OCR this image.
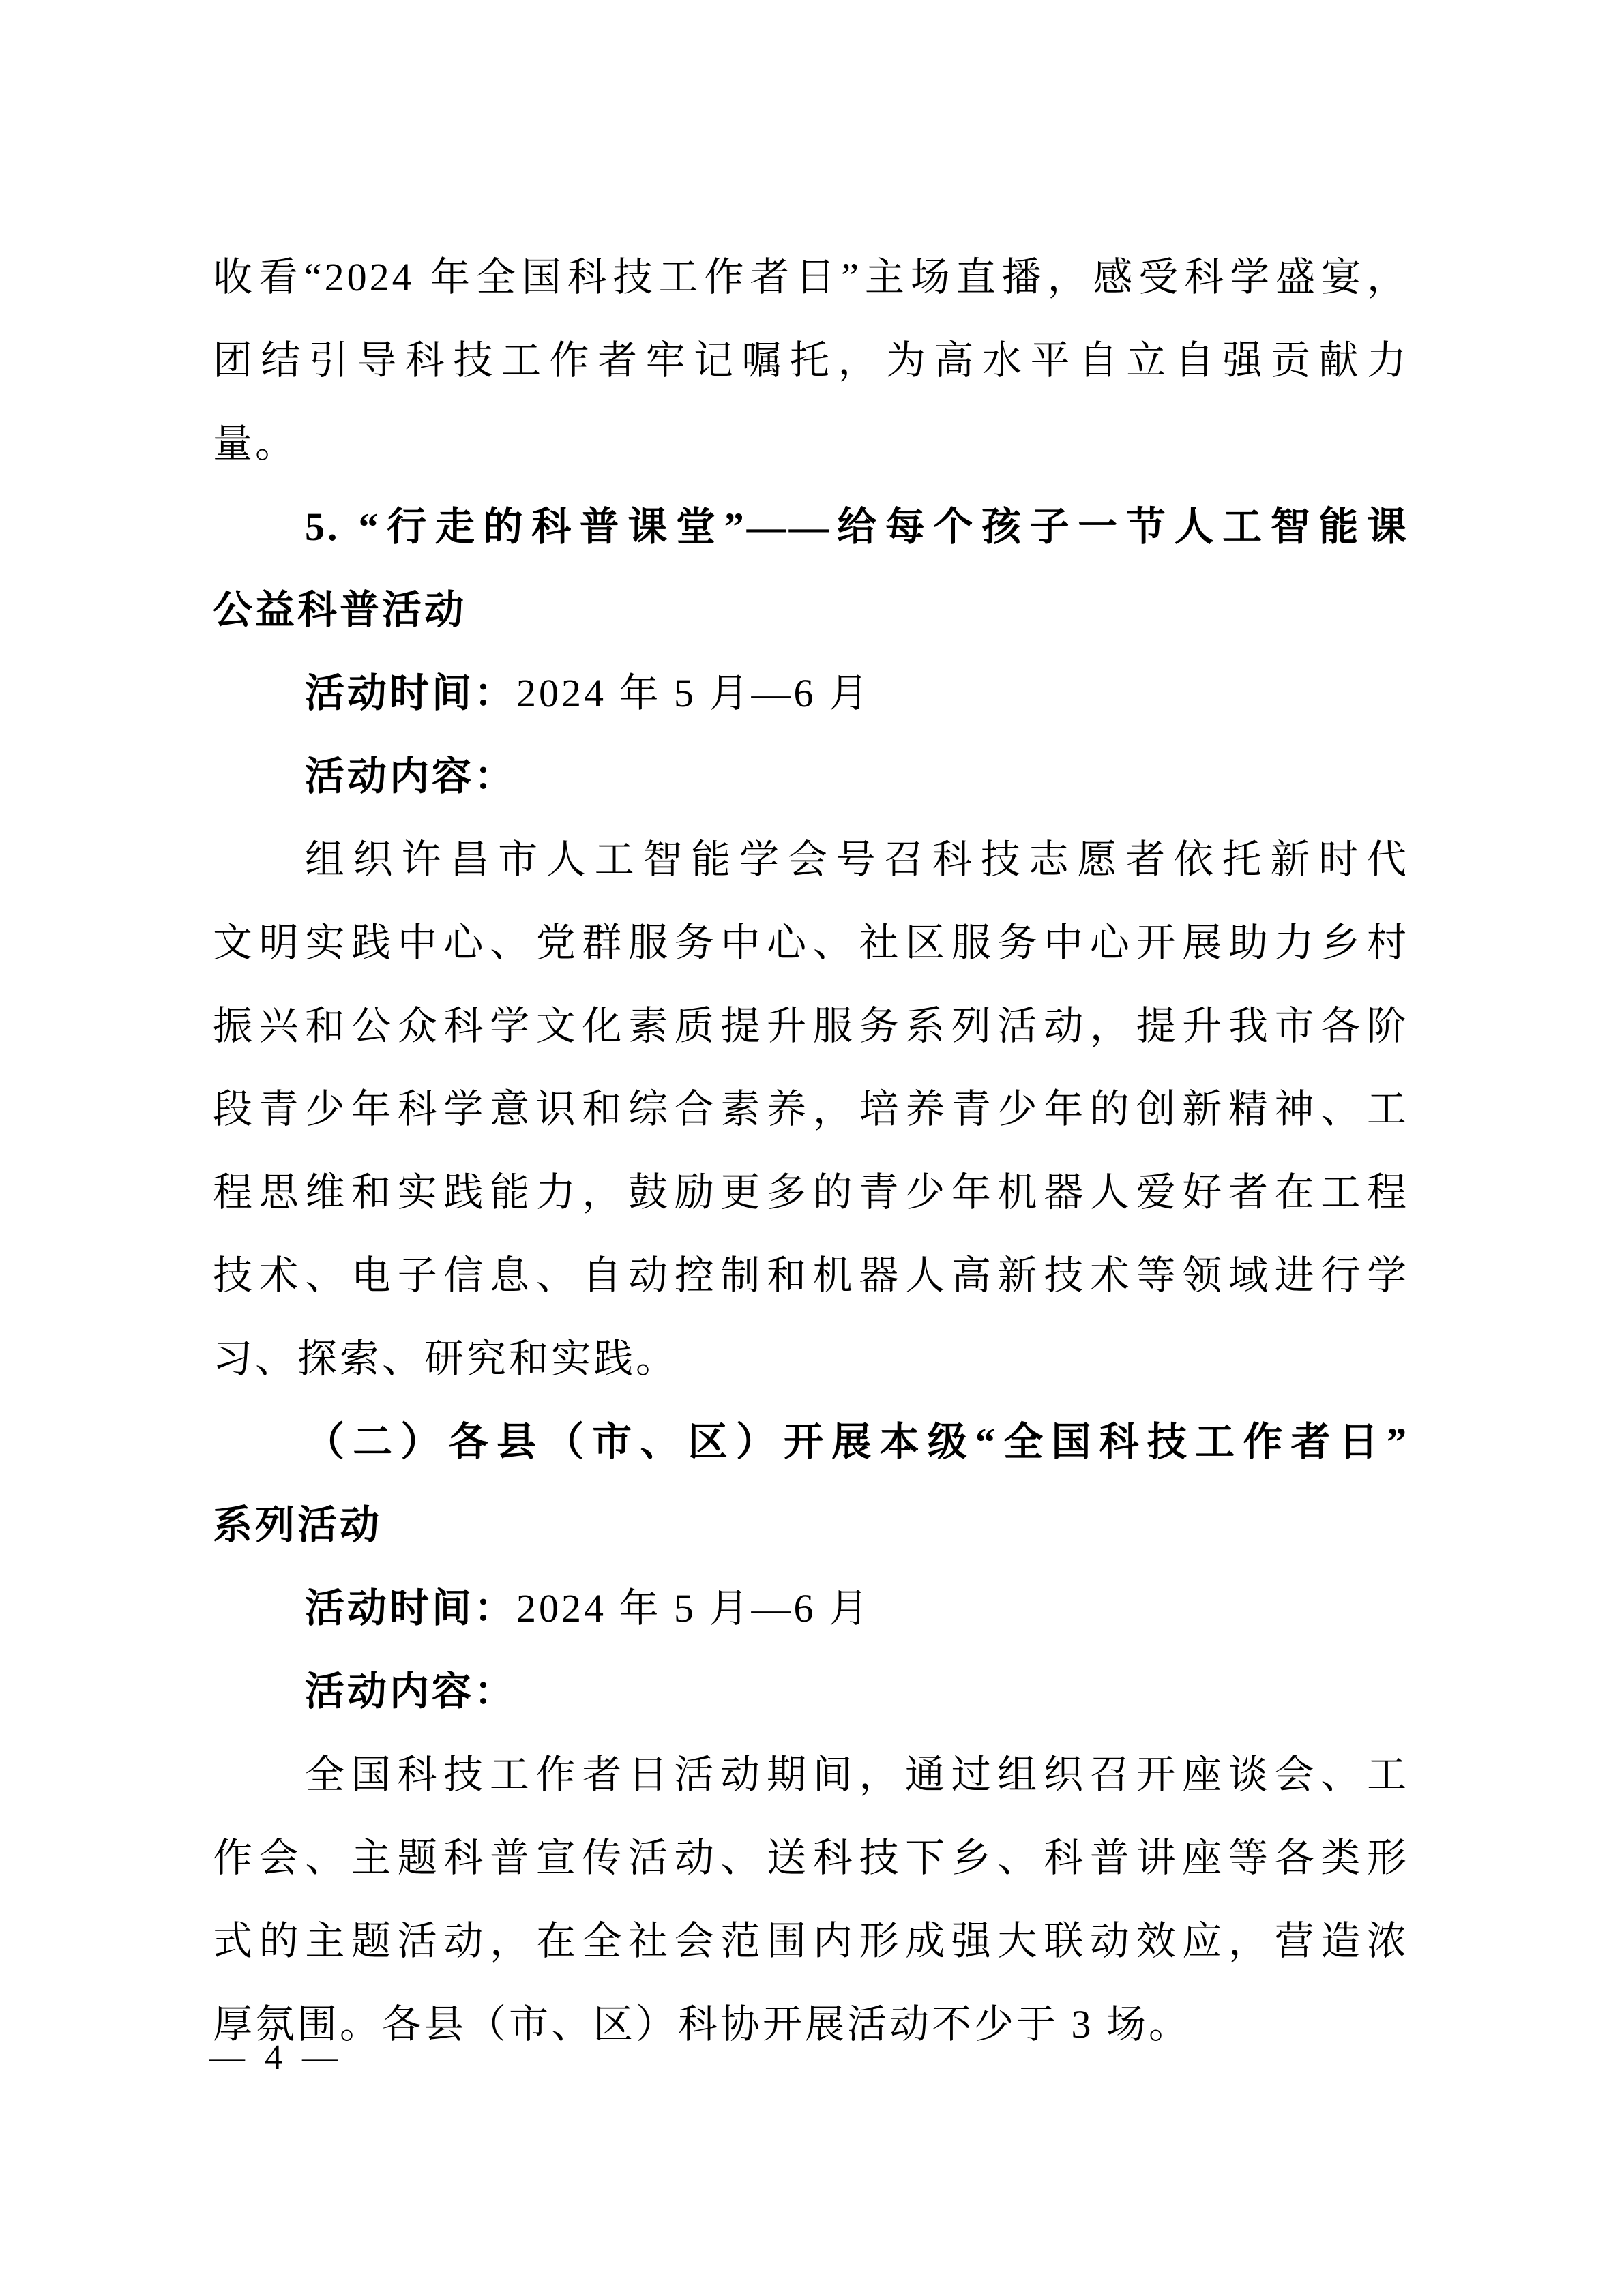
收看“2024 年全国科技工作者日”主场直播，感受科学盛宴，
团结引导科技工作者牢记嘱托，为高水平自立自强贡献力
量。
5. “行走的科普课堂”——给每个孩子一节人工智能课
公益科普活动
活动时间：2024 年 5 月—6 月
活动内容：
组织许昌市人工智能学会号召科技志愿者依托新时代
文明实践中心、党群服务中心、社区服务中心开展助力乡村
振兴和公众科学文化素质提升服务系列活动，提升我市各阶
段青少年科学意识和综合素养，培养青少年的创新精神、工
程思维和实践能力，鼓励更多的青少年机器人爱好者在工程
技术、电子信息、自动控制和机器人高新技术等领域进行学
习、探索、研究和实践。
（二）各县（市、区）开展本级“全国科技工作者日”
系列活动
活动时间：2024 年 5 月—6 月
活动内容：
全国科技工作者日活动期间，通过组织召开座谈会、工
作会、主题科普宣传活动、送科技下乡、科普讲座等各类形
式的主题活动，在全社会范围内形成强大联动效应，营造浓
厚氛围。各县（市、区）科协开展活动不少于 3 场。
— 4 —
